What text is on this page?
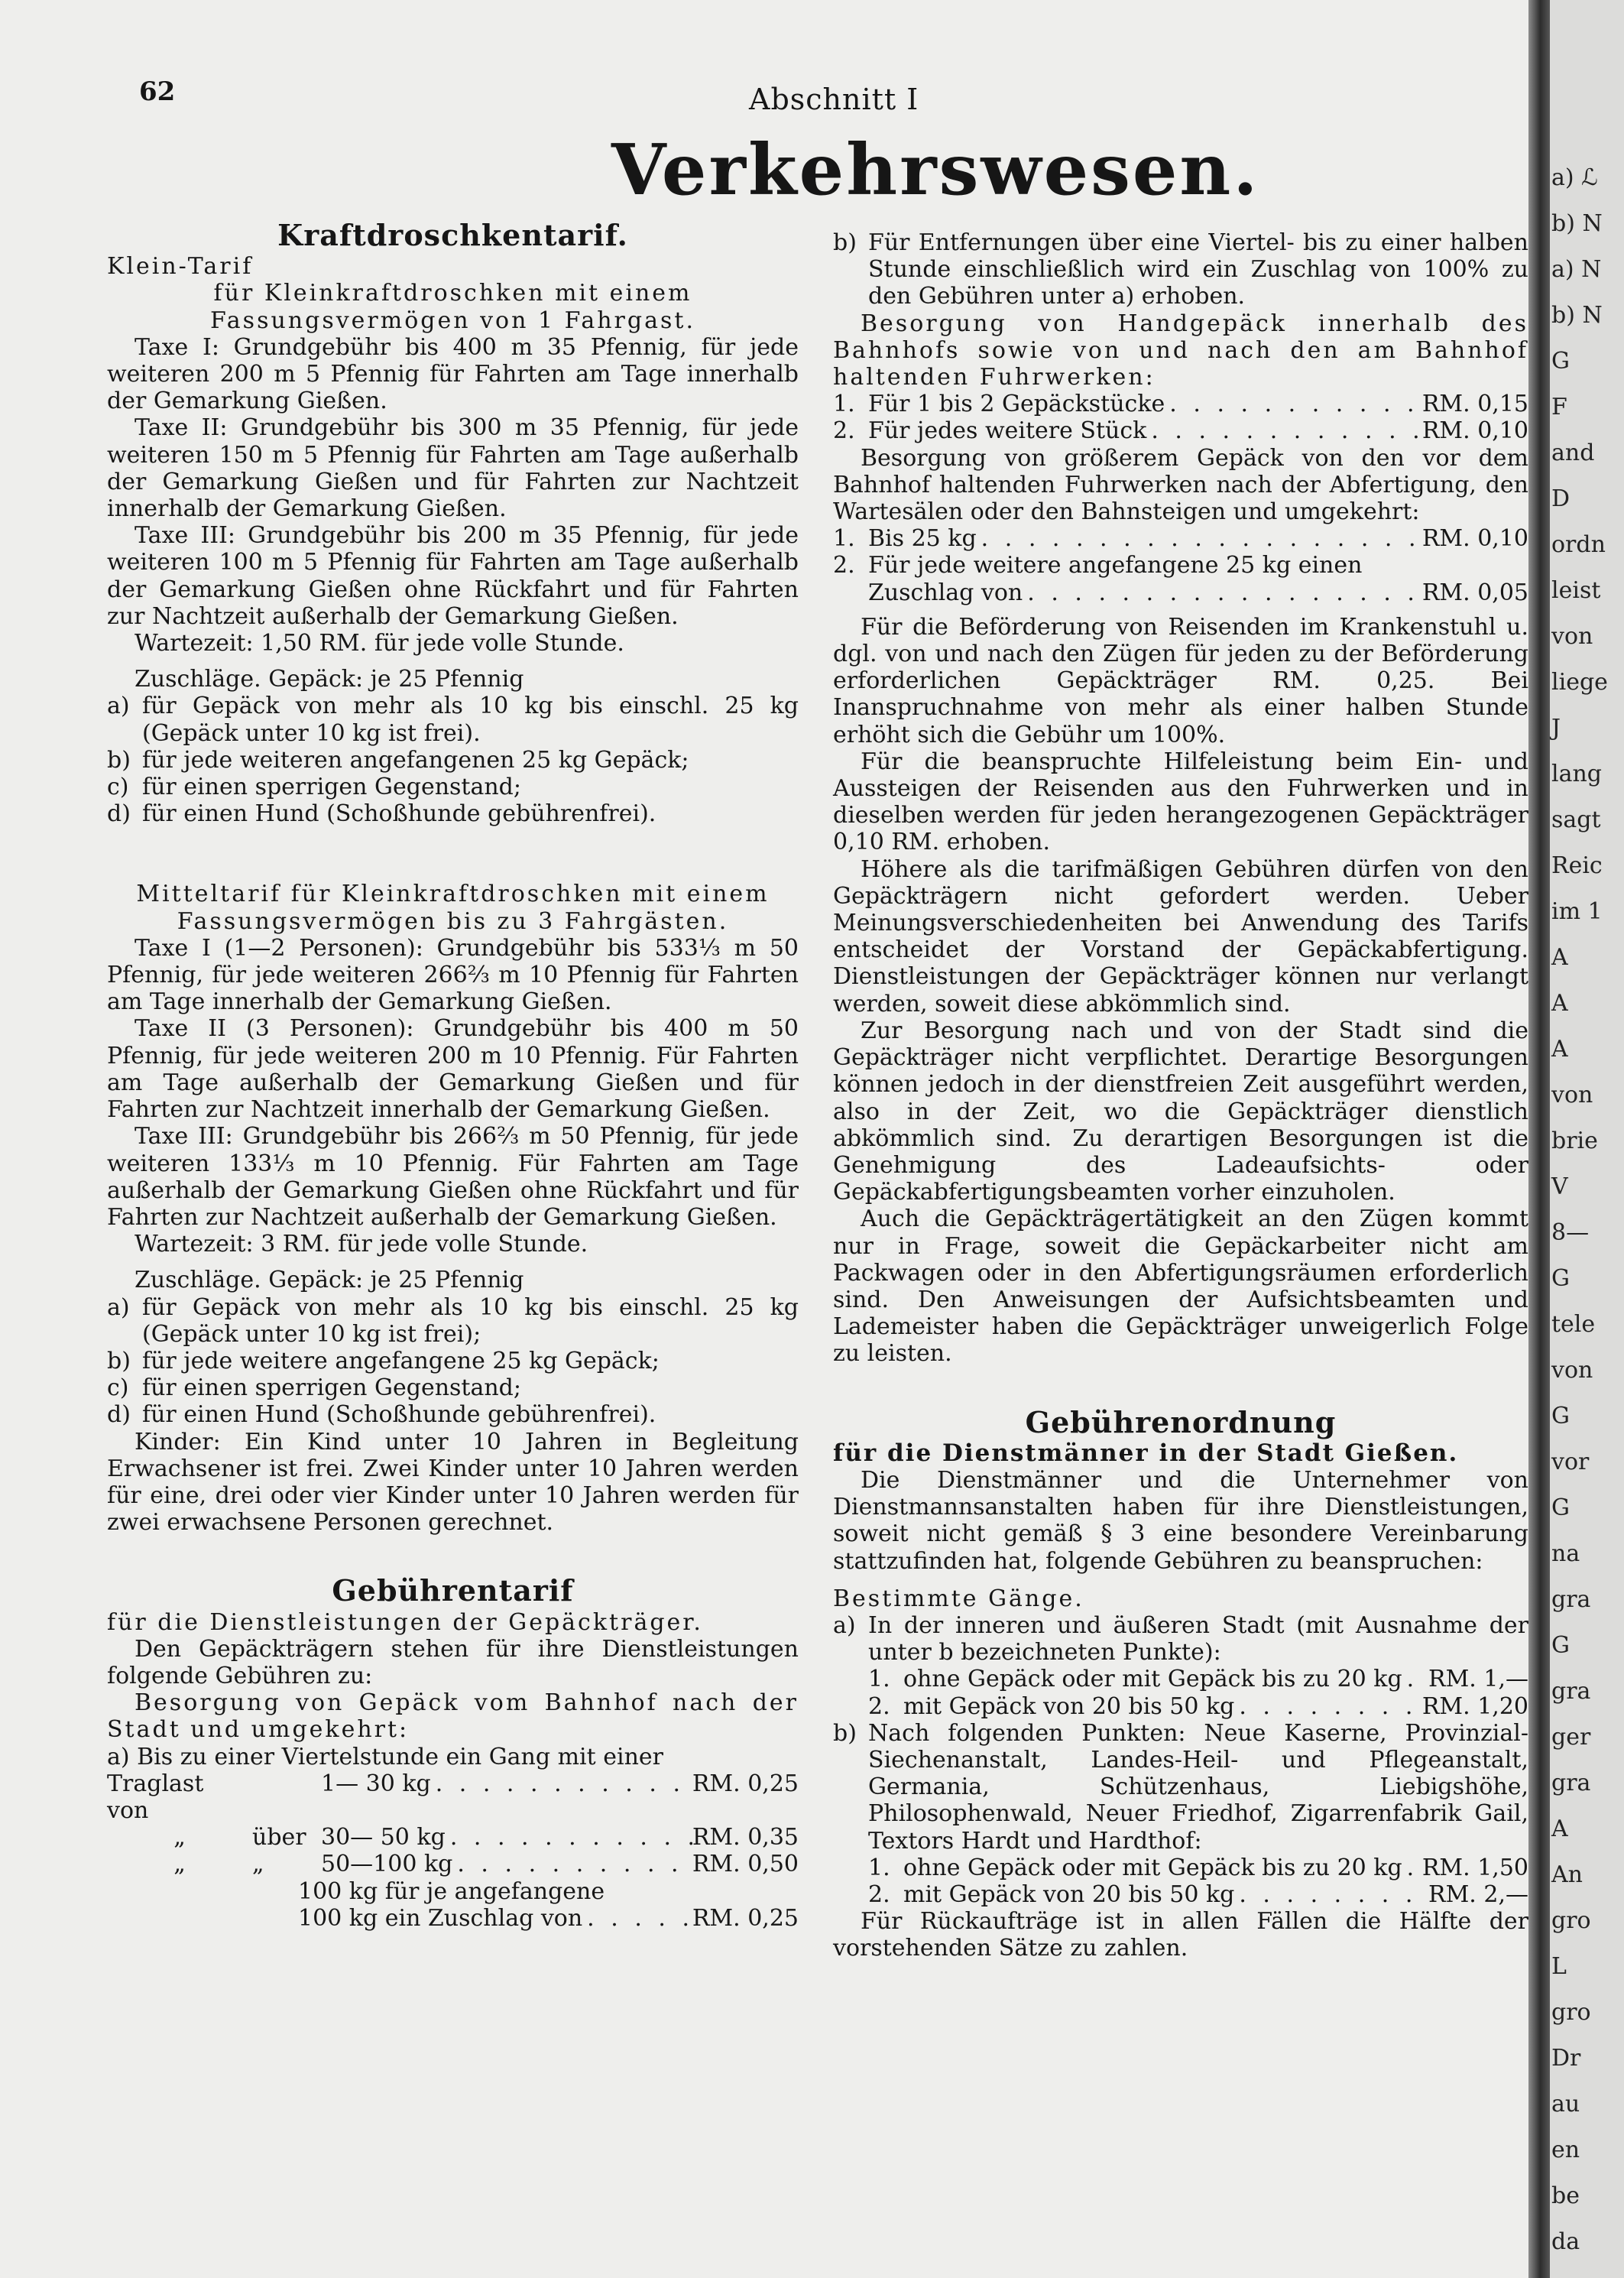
62	Abschnitt I
Verkehrswesen.
Kraftdroschkentarif.

Klein-Tarif

für Kleinkraftdroschken mit einem Fassungsvermögen von 1 Fahrgast.

Taxe I: Grundgebühr bis 400 m 35 Pfennig, für jede weiteren 200 m 5 Pfennig für Fahrten am Tage innerhalb der Gemarkung Gießen.

Taxe II: Grundgebühr bis 300 m 35 Pfennig, für jede weiteren 150 m 5 Pfennig für Fahrten am Tage außerhalb der Gemarkung Gießen und für Fahrten zur Nachtzeit innerhalb der Gemarkung Gießen.

Taxe III: Grundgebühr bis 200 m 35 Pfennig, für jede weiteren 100 m 5 Pfennig für Fahrten am Tage außerhalb der Gemarkung Gießen ohne Rückfahrt und für Fahrten zur Nachtzeit außerhalb der Gemarkung Gießen.

Wartezeit: 1,50 RM. für jede volle Stunde.

Zuschläge. Gepäck: je 25 Pfennig

a) für Gepäck von mehr als 10 kg bis einschl. 25 kg (Gepäck unter 10 kg ist frei).
b) für jede weiteren angefangenen 25 kg Gepäck;
c) für einen sperrigen Gegenstand;
d) für einen Hund (Schoßhunde gebührenfrei).

Mitteltarif für Kleinkraftdroschken mit einem Fassungsvermögen bis zu 3 Fahrgästen.

Taxe I (1—2 Personen): Grundgebühr bis 533⅓ m 50 Pfennig, für jede weiteren 266⅔ m 10 Pfennig für Fahrten am Tage innerhalb der Gemarkung Gießen.

Taxe II (3 Personen): Grundgebühr bis 400 m 50 Pfennig, für jede weiteren 200 m 10 Pfennig. Für Fahrten am Tage außerhalb der Gemarkung Gießen und für Fahrten zur Nachtzeit innerhalb der Gemarkung Gießen.

Taxe III: Grundgebühr bis 266⅔ m 50 Pfennig, für jede weiteren 133⅓ m 10 Pfennig. Für Fahrten am Tage außerhalb der Gemarkung Gießen ohne Rückfahrt und für Fahrten zur Nachtzeit außerhalb der Gemarkung Gießen.

Wartezeit: 3 RM. für jede volle Stunde.

Zuschläge. Gepäck: je 25 Pfennig

a) für Gepäck von mehr als 10 kg bis einschl. 25 kg (Gepäck unter 10 kg ist frei);
b) für jede weitere angefangene 25 kg Gepäck;
c) für einen sperrigen Gegenstand;
d) für einen Hund (Schoßhunde gebührenfrei).

Kinder: Ein Kind unter 10 Jahren in Begleitung Erwachsener ist frei. Zwei Kinder unter 10 Jahren werden für eine, drei oder vier Kinder unter 10 Jahren werden für zwei erwachsene Personen gerechnet.

Gebührentarif

für die Dienstleistungen der Gepäckträger.

Den Gepäckträgern stehen für ihre Dienstleistungen folgende Gebühren zu:

Besorgung von Gepäck vom Bahnhof nach der Stadt und umgekehrt:

a) Bis zu einer Viertelstunde ein Gang mit einer

Traglast von
1— 30 kg . . .	RM. 0,25
„	über 30— 50 kg . . .	RM. 0,35
„	„	50—100 kg . . .	RM. 0,50
100 kg für je angefangene
100 kg ein Zuschlag von . . .	RM. 0,25
b) Für Entfernungen über eine Viertel- bis zu einer halben Stunde einschließlich wird ein Zuschlag von 100% zu den Gebühren unter a) erhoben.

Besorgung von Handgepäck innerhalb des Bahnhofs sowie von und nach den am Bahnhof haltenden Fuhrwerken:

1. Für 1 bis 2 Gepäckstücke . . .	RM. 0,15
2. Für jedes weitere Stück . . .	RM. 0,10

Besorgung von größerem Gepäck von den vor dem Bahnhof haltenden Fuhrwerken nach der Abfertigung, den Wartesälen oder den Bahnsteigen und umgekehrt:

1. Bis 25 kg . . .	RM. 0,10
2. Für jede weitere angefangene 25 kg einen
Zuschlag von . . .	RM. 0,05

Für die Beförderung von Reisenden im Krankenstuhl u. dgl. von und nach den Zügen für jeden zu der Beförderung erforderlichen Gepäckträger RM. 0,25. Bei Inanspruchnahme von mehr als einer halben Stunde erhöht sich die Gebühr um 100%.

Für die beanspruchte Hilfeleistung beim Ein- und Aussteigen der Reisenden aus den Fuhrwerken und in dieselben werden für jeden herangezogenen Gepäckträger 0,10 RM. erhoben.

Höhere als die tarifmäßigen Gebühren dürfen von den Gepäckträgern nicht gefordert werden. Ueber Meinungsverschiedenheiten bei Anwendung des Tarifs entscheidet der Vorstand der Gepäckabfertigung. Dienstleistungen der Gepäckträger können nur verlangt werden, soweit diese abkömmlich sind.

Zur Besorgung nach und von der Stadt sind die Gepäckträger nicht verpflichtet. Derartige Besorgungen können jedoch in der dienstfreien Zeit ausgeführt werden, also in der Zeit, wo die Gepäckträger dienstlich abkömmlich sind. Zu derartigen Besorgungen ist die Genehmigung des Ladeaufsichts- oder Gepäckabfertigungsbeamten vorher einzuholen.

Auch die Gepäckträgertätigkeit an den Zügen kommt nur in Frage, soweit die Gepäckarbeiter nicht am Packwagen oder in den Abfertigungsräumen erforderlich sind. Den Anweisungen der Aufsichtsbeamten und Lademeister haben die Gepäckträger unweigerlich Folge zu leisten.

Gebührenordnung

für die Dienstmänner in der Stadt Gießen.

Die Dienstmänner und die Unternehmer von Dienstmannsanstalten haben für ihre Dienstleistungen, soweit nicht gemäß § 3 eine besondere Vereinbarung stattzufinden hat, folgende Gebühren zu beanspruchen:

Bestimmte Gänge.

a) In der inneren und äußeren Stadt (mit Ausnahme der unter b bezeichneten Punkte):
1. ohne Gepäck oder mit Gepäck bis zu 20 kg . . . RM. 1,—
2. mit Gepäck von 20 bis 50 kg . . .	RM. 1,20
b) Nach folgenden Punkten: Neue Kaserne, Provinzial-Siechenanstalt, Landes-Heil- und Pflegeanstalt, Germania, Schützenhaus, Liebigshöhe, Philosophenwald, Neuer Friedhof, Zigarrenfabrik Gail, Textors Hardt und Hardthof:
1. ohne Gepäck oder mit Gepäck bis zu 20 kg . . . RM. 1,50
2. mit Gepäck von 20 bis 50 kg . . .	RM. 2,—

Für Rückaufträge ist in allen Fällen die Hälfte der vorstehenden Sätze zu zahlen.

a) ℒ
b) N
a) N
b) N
G
F
and
D
ordn
leist
von
liege
J
lang
sagt
Reic
im 1
A
A
A
von
brie
V
8—
G
tele
von
G
vor
G
na
gra
G
gra
ger
gra
A
An
gro
L
gro
Dr
au
en
be
da
